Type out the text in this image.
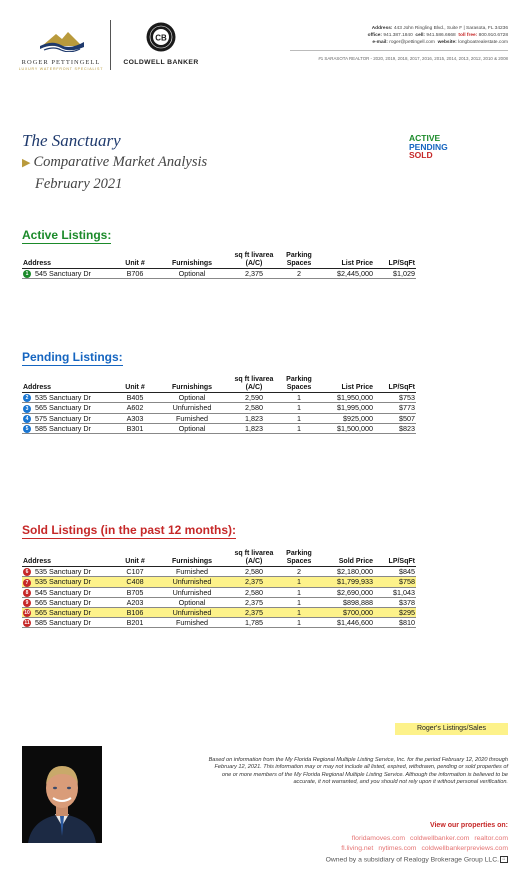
ROGER PETTINGELL
LUXURY WATERFRONT SPECIALIST
CB
COLDWELL BANKER
Address: 443 John Ringling Blvd., Suite F | Sarasota, FL 34236
office: 941.387.1840 cell: 941.586.6668 toll free: 800.910.6728
e-mail: roger@pettingell.com website: longboatrealestate.com
#1 SARASOTA REALTOR - 2020, 2019, 2018, 2017, 2016, 2015, 2014, 2013, 2012, 2010 & 2008
The Sanctuary
▶ Comparative Market Analysis
February 2021
ACTIVE
PENDING
SOLD
Active Listings:
Address	Unit #	Furnishings	sq ft livarea
(A/C)	Parking
Spaces	List Price	LP/SqFt
1 545 Sanctuary Dr	B706	Optional	2,375	2	$2,445,000	$1,029
Pending Listings:
Address	Unit #	Furnishings	sq ft livarea
(A/C)	Parking
Spaces	List Price	LP/SqFt
2 535 Sanctuary Dr	B405	Optional	2,590	1	$1,950,000	$753
3 565 Sanctuary Dr	A602	Unfurnished	2,580	1	$1,995,000	$773
4 575 Sanctuary Dr	A303	Furnished	1,823	1	$925,000	$507
5 585 Sanctuary Dr	B301	Optional	1,823	1	$1,500,000	$823
Sold Listings (in the past 12 months):
Address	Unit #	Furnishings	sq ft livarea
(A/C)	Parking
Spaces	Sold Price	LP/SqFt
6 535 Sanctuary Dr	C107	Furnished	2,580	2	$2,180,000	$845
7 535 Sanctuary Dr	C408	Unfurnished	2,375	1	$1,799,933	$758
8 545 Sanctuary Dr	B705	Unfurnished	2,580	1	$2,690,000	$1,043
9 565 Sanctuary Dr	A203	Optional	2,375	1	$898,888	$378
10 565 Sanctuary Dr	B106	Unfurnished	2,375	1	$700,000	$295
11 585 Sanctuary Dr	B201	Furnished	1,785	1	$1,446,600	$810
Roger's Listings/Sales
Based on information from the My Florida Regional Multiple Listing Service, Inc. for the period February 12, 2020 through February 12, 2021. This information may or may not include all listed, expired, withdrawn, pending or sold properties of one or more members of the My Florida Regional Multiple Listing Service. Although the information is believed to be accurate, it not warranted, and you should not rely upon it without personal verification.
View our properties on:
floridamoves.com coldwellbanker.com realtor.com
fl.living.net nytimes.com coldwellbankerpreviews.com
Owned by a subsidiary of Realogy Brokerage Group LLC. ⌂
